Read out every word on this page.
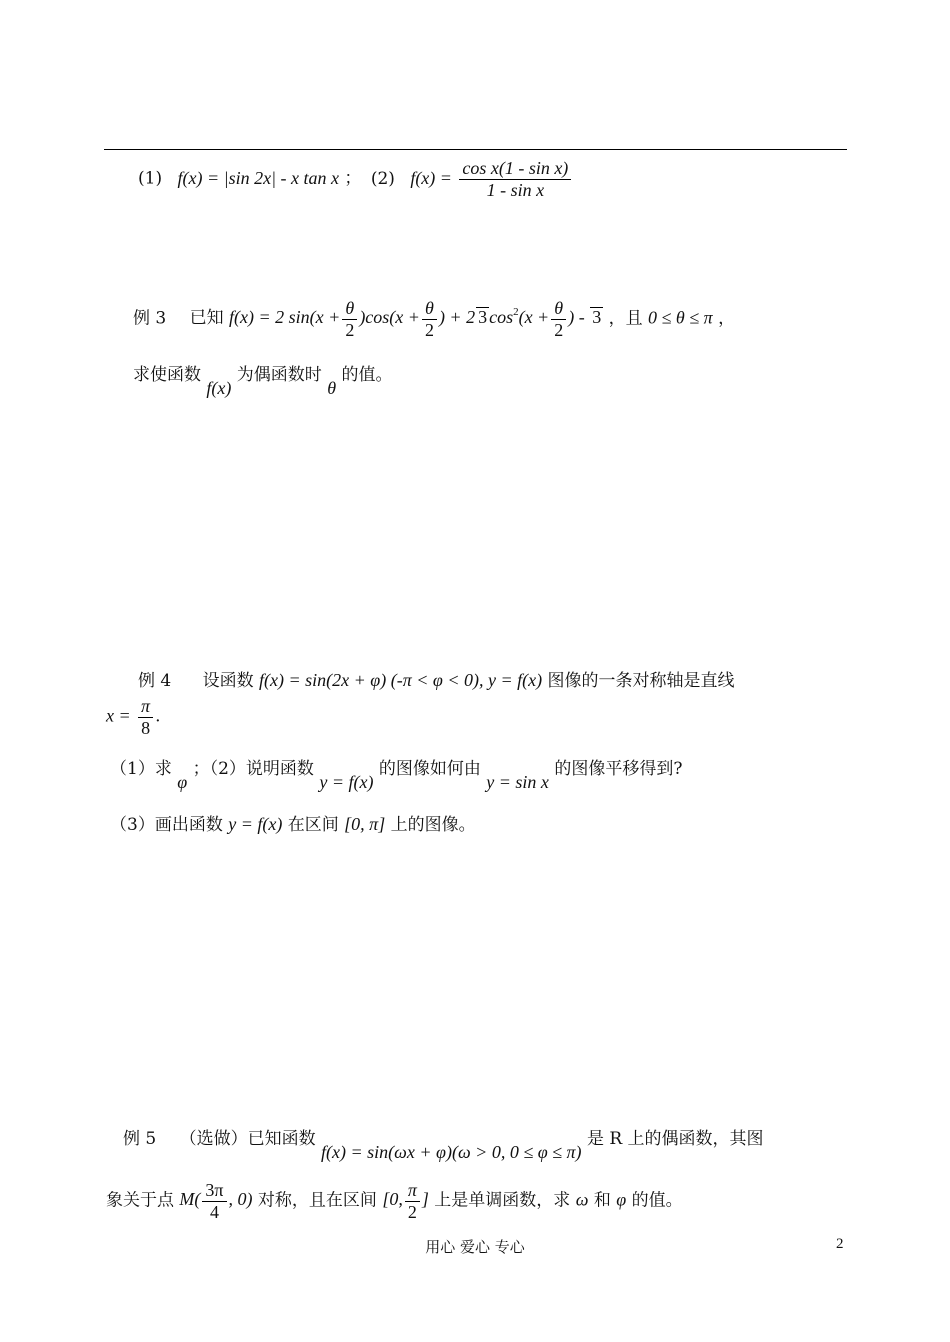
(1) f(x) = |sin 2x| - x tan x ； (2) $f(x) = \frac{\text{cos x(1 - sin x)}}{\text{1 - sin x}}$
例 3 已知 f(x) = 2 $\sin(x + \frac{\theta}{2} )\cos(x + \frac{\theta}{2}$ ) + 2 3 $\cos^2(x + \frac{\theta}{2}$ ) - 3 ，且 0 ≤ θ ≤ π ，
求使函数 f(x) 为偶函数时 θ 的值。
例 4 设函数 f(x) = sin(2x + φ) (-π < φ < 0), y = f(x) 图像的一条对称轴是直线
$x = \frac{\pi}{8}$ .
（1）求 φ ；（2）说明函数 y = f(x) 的图像如何由 y = sin x 的图像平移得到?
（3）画出函数 y = f(x) 在区间 [0, π] 上的图像。
例 5 （选做）已知函数 f(x) = sin(ωx + φ)(ω > 0, 0 ≤ φ ≤ π) 是 R 上的偶函数，其图
象关于点 $M( \frac{3\pi}{4}$ , 0) 对称，且在区间 [0, $\frac{\pi}{2}$ ] 上是单调函数，求 ω 和 φ 的值。
用心 爱心 专心	2
